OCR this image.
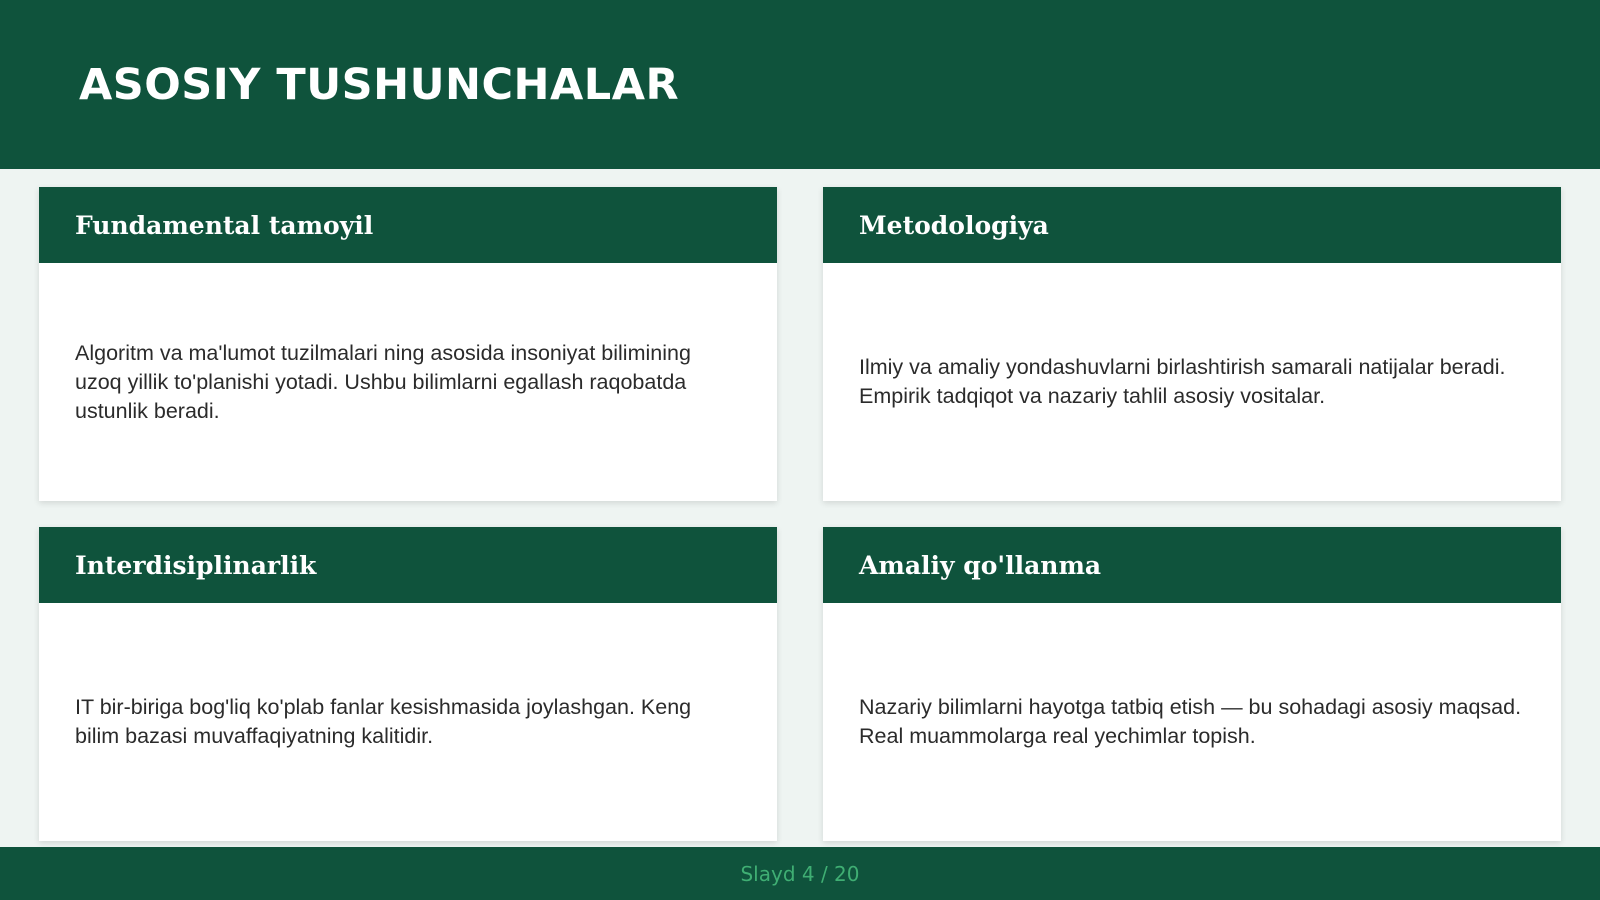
ASOSIY TUSHUNCHALAR
Fundamental tamoyil

Algoritm va ma'lumot tuzilmalari ning asosida insoniyat bilimining uzoq yillik to'planishi yotadi. Ushbu bilimlarni egallash raqobatda ustunlik beradi.

Metodologiya

Ilmiy va amaliy yondashuvlarni birlashtirish samarali natijalar beradi. Empirik tadqiqot va nazariy tahlil asosiy vositalar.

Interdisiplinarlik

IT bir-biriga bog'liq ko'plab fanlar kesishmasida joylashgan. Keng bilim bazasi muvaffaqiyatning kalitidir.

Amaliy qo'llanma

Nazariy bilimlarni hayotga tatbiq etish — bu sohadagi asosiy maqsad. Real muammolarga real yechimlar topish.

Slayd 4 / 20
